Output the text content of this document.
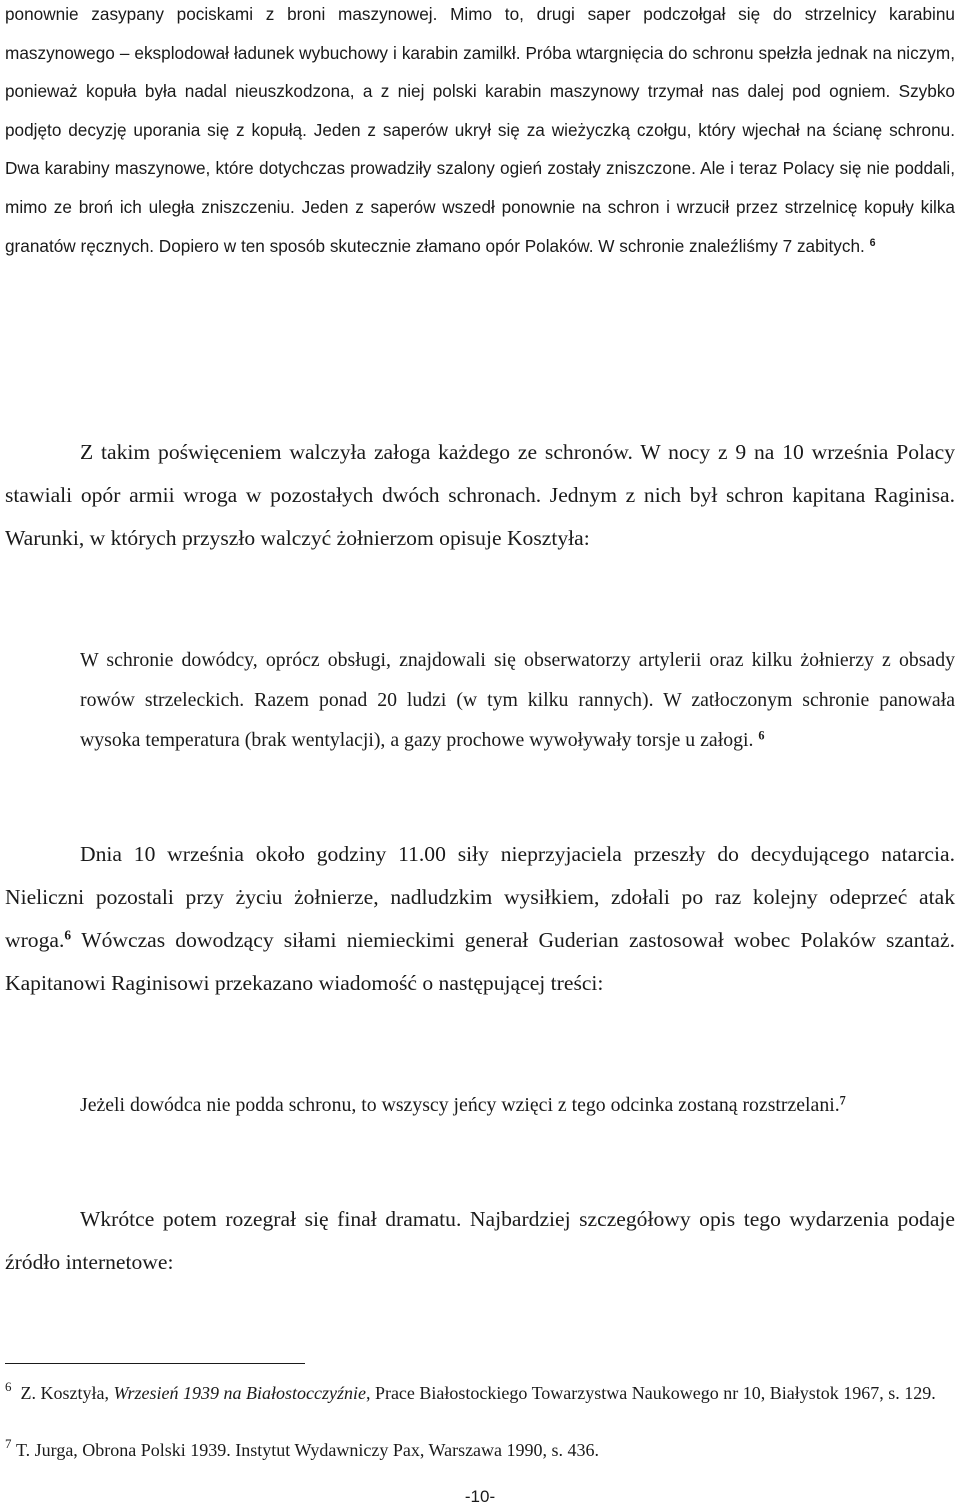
ponownie zasypany pociskami z broni maszynowej. Mimo to, drugi saper podczołgał się do strzelnicy karabinu maszynowego – eksplodował ładunek wybuchowy i karabin zamilkł. Próba wtargnięcia do schronu spełzła jednak na niczym, ponieważ kopuła była nadal nieuszkodzona, a z niej polski karabin maszynowy trzymał nas dalej pod ogniem. Szybko podjęto decyzję uporania się z kopułą. Jeden z saperów ukrył się za wieżyczką czołgu, który wjechał na ścianę schronu. Dwa karabiny maszynowe, które dotychczas prowadziły szalony ogień zostały zniszczone. Ale i teraz Polacy się nie poddali, mimo ze broń ich uległa zniszczeniu. Jeden z saperów wszedł ponownie na schron i wrzucił przez strzelnicę kopuły kilka granatów ręcznych. Dopiero w ten sposób skutecznie złamano opór Polaków. W schronie znaleźliśmy 7 zabitych. $^6$

Z takim poświęceniem walczyła załoga każdego ze schronów. W nocy z 9 na 10 września Polacy stawiali opór armii wroga w pozostałych dwóch schronach. Jednym z nich był schron kapitana Raginisa. Warunki, w których przyszło walczyć żołnierzom opisuje Kosztyła:

W schronie dowódcy, oprócz obsługi, znajdowali się obserwatorzy artylerii oraz kilku żołnierzy z obsady rowów strzeleckich. Razem ponad 20 ludzi (w tym kilku rannych). W zatłoczonym schronie panowała wysoka temperatura (brak wentylacji), a gazy prochowe wywoływały torsje u załogi. $^6$

Dnia 10 września około godziny 11.00 siły nieprzyjaciela przeszły do decydującego natarcia. Nieliczni pozostali przy życiu żołnierze, nadludzkim wysiłkiem, zdołali po raz kolejny odeprzeć atak wroga.$^6$ Wówczas dowodzący siłami niemieckimi generał Guderian zastosował wobec Polaków szantaż. Kapitanowi Raginisowi przekazano wiadomość o następującej treści:

Jeżeli dowódca nie podda schronu, to wszyscy jeńcy wzięci z tego odcinka zostaną rozstrzelani.$^7$

Wkrótce potem rozegrał się finał dramatu. Najbardziej szczegółowy opis tego wydarzenia podaje źródło internetowe:

$^6$ Z. Kosztyła, Wrzesień 1939 na Białostocczyźnie, Prace Białostockiego Towarzystwa Naukowego nr 10, Białystok 1967, s. 129.

$^7$ T. Jurga, Obrona Polski 1939. Instytut Wydawniczy Pax, Warszawa 1990, s. 436.

-10-
